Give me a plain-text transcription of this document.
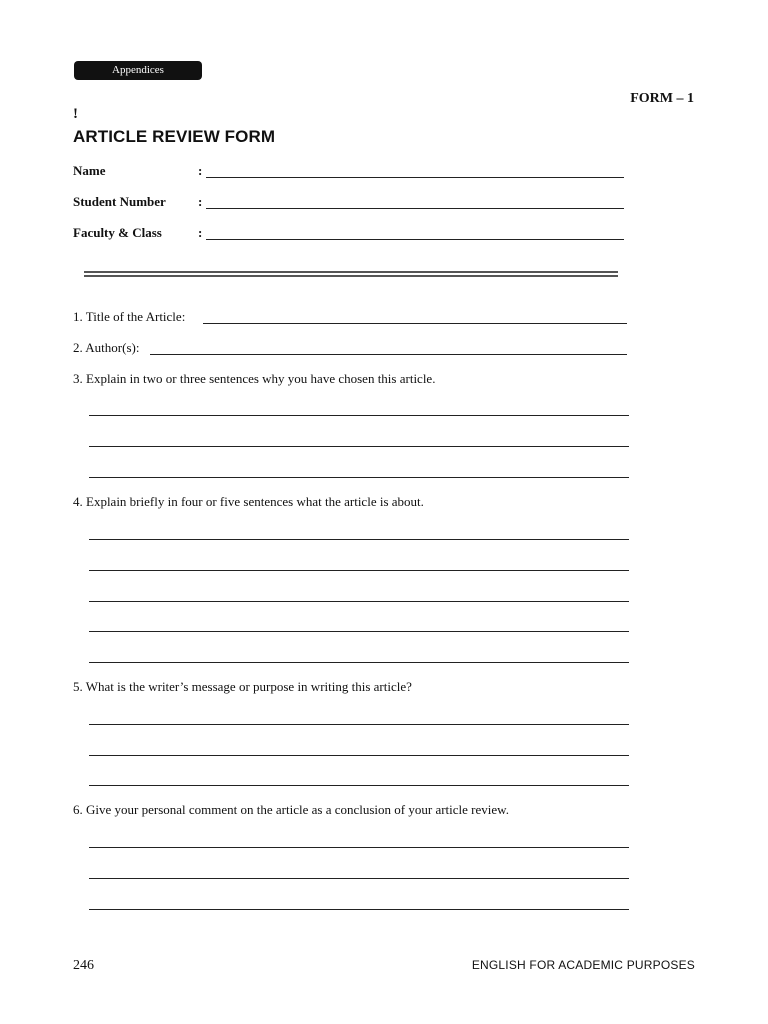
Appendices
FORM – 1
!
ARTICLE REVIEW FORM
Name	:
Student Number :
Faculty & Class	:
1. Title of the Article:
2. Author(s):
3. Explain in two or three sentences why you have chosen this article.
4. Explain briefly in four or five sentences what the article is about.
5. What is the writer’s message or purpose in writing this article?
6. Give your personal comment on the article as a conclusion of your article review.
246	ENGLISH FOR ACADEMIC PURPOSES
